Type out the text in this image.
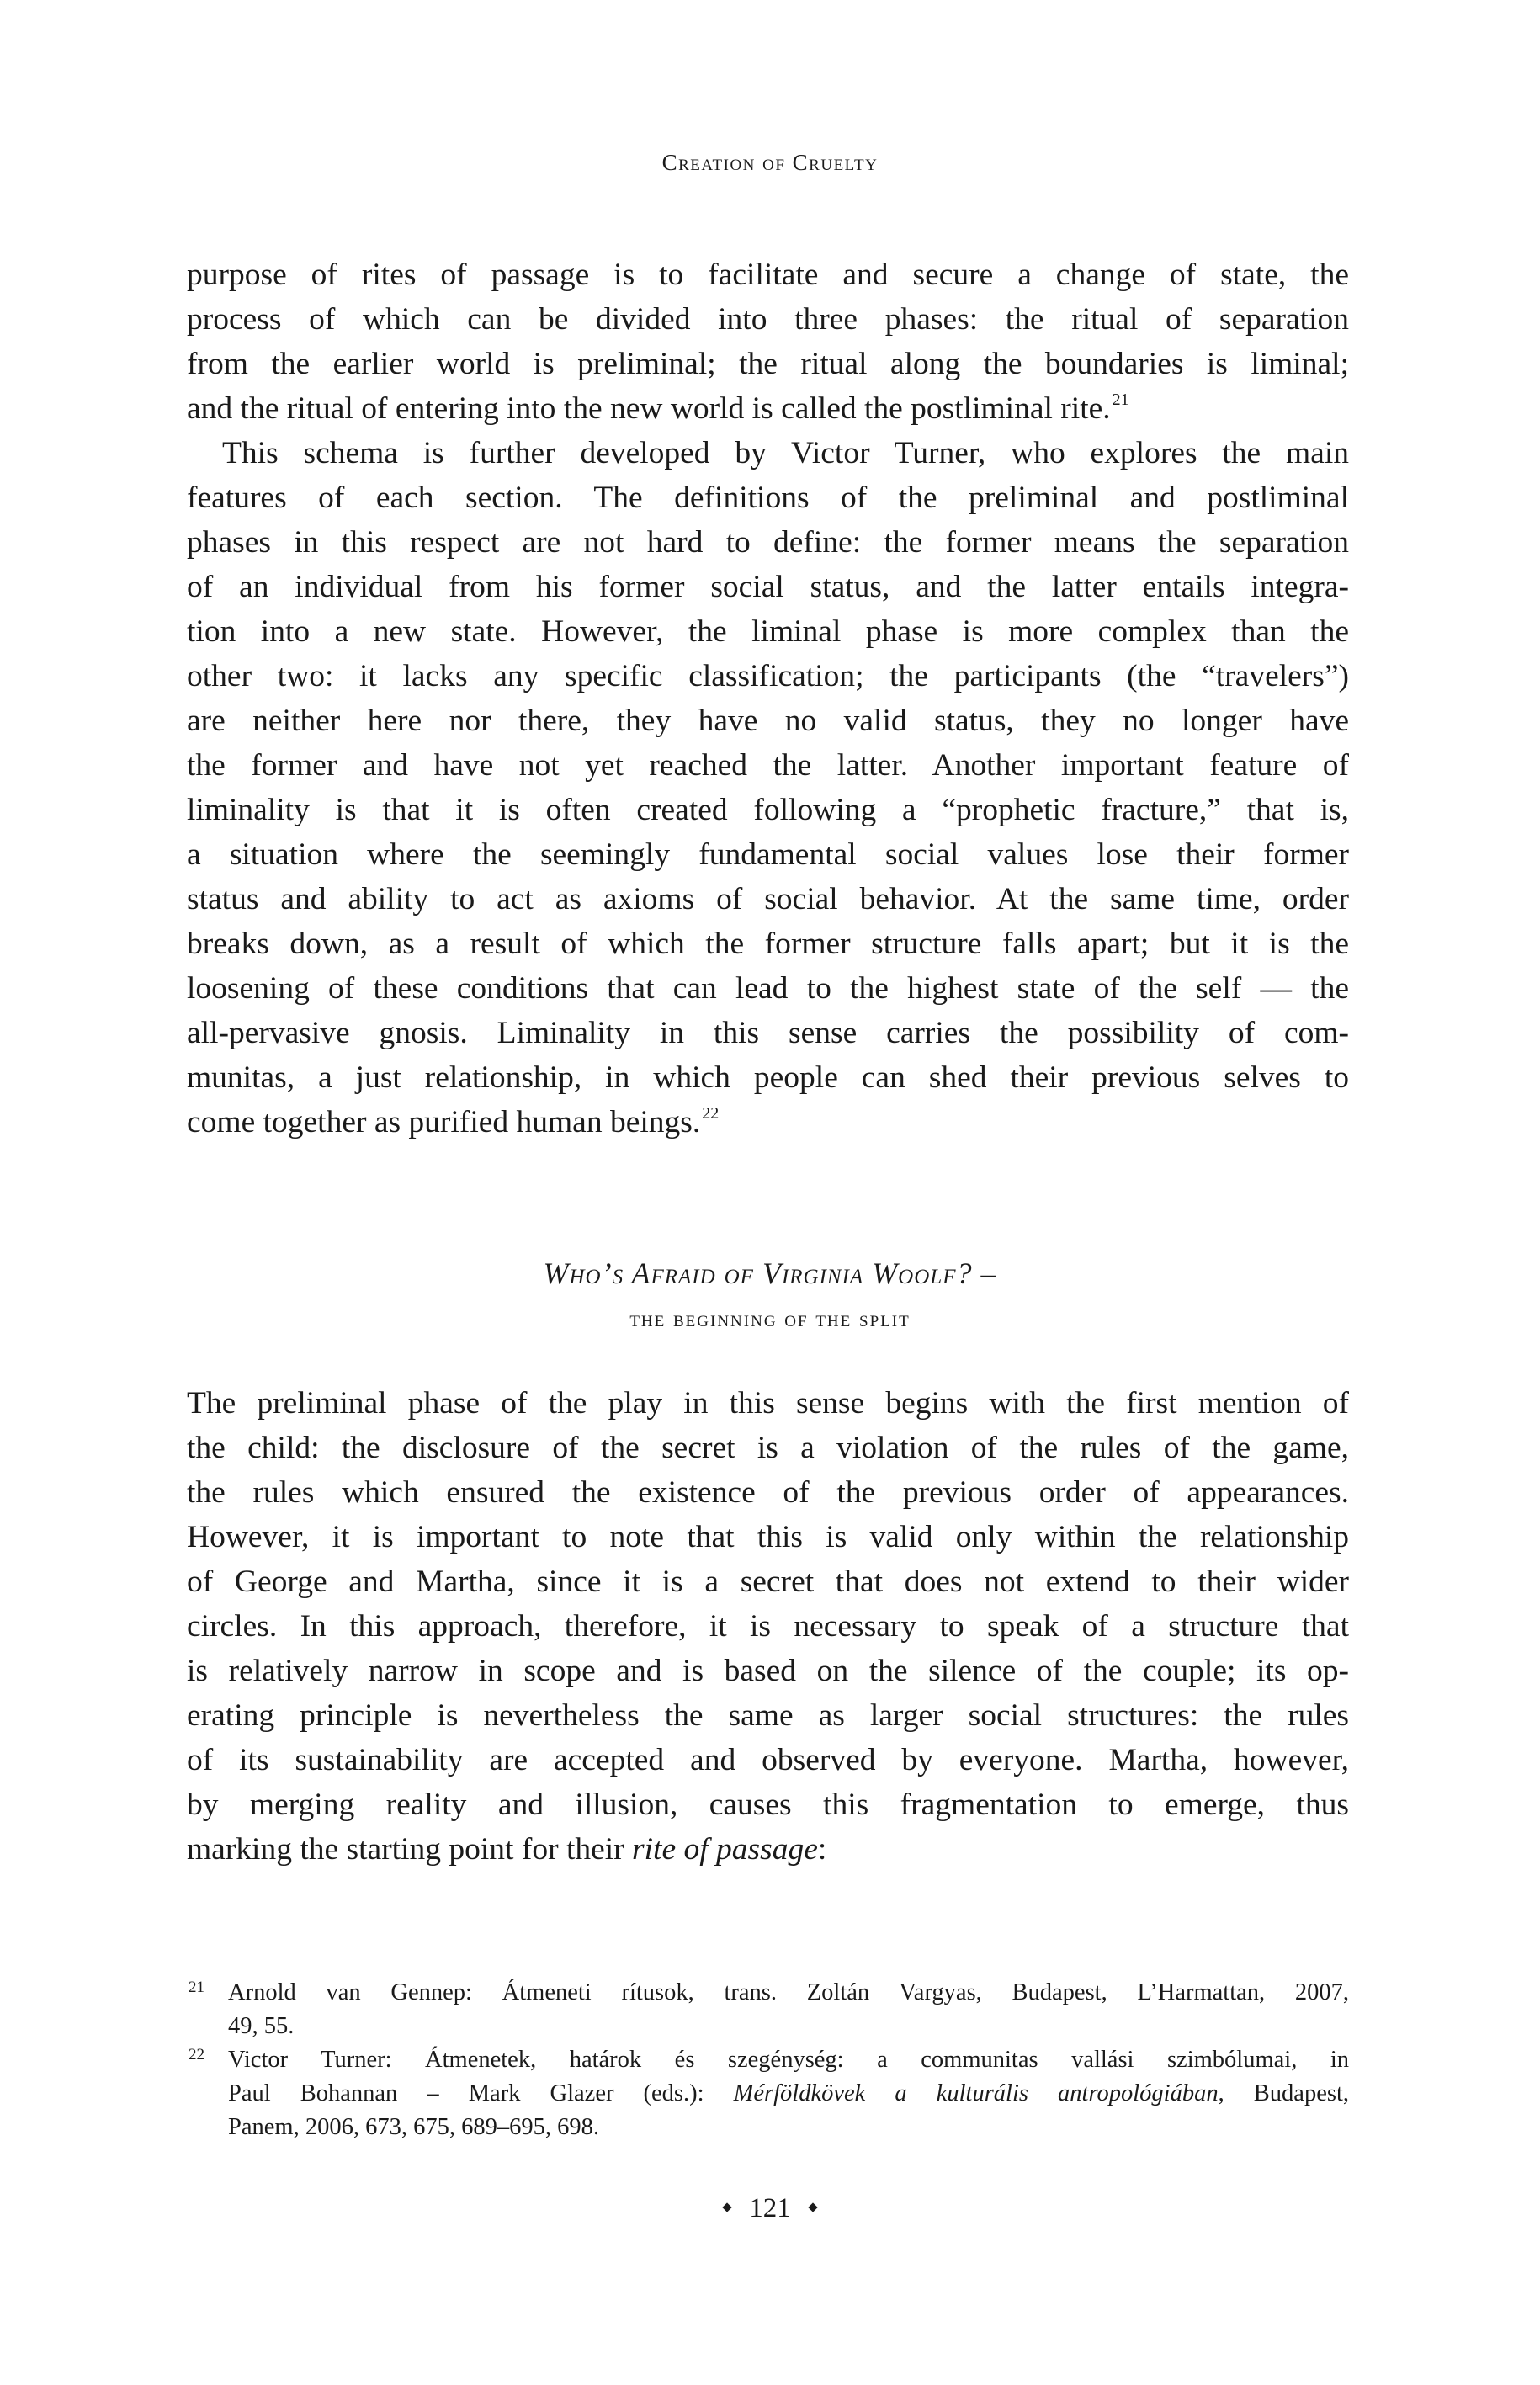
Creation of Cruelty
purpose of rites of passage is to facilitate and secure a change of state, the
process of which can be divided into three phases: the ritual of separation
from the earlier world is preliminal; the ritual along the boundaries is liminal;
and the ritual of entering into the new world is called the postliminal rite. $^{21}$
This schema is further developed by Victor Turner, who explores the main
features of each section. The definitions of the preliminal and postliminal
phases in this respect are not hard to define: the former means the separation
of an individual from his former social status, and the latter entails integra-
tion into a new state. However, the liminal phase is more complex than the
other two: it lacks any specific classification; the participants (the “travelers”)
are neither here nor there, they have no valid status, they no longer have
the former and have not yet reached the latter. Another important feature of
liminality is that it is often created following a “prophetic fracture,” that is,
a situation where the seemingly fundamental social values lose their former
status and ability to act as axioms of social behavior. At the same time, order
breaks down, as a result of which the former structure falls apart; but it is the
loosening of these conditions that can lead to the highest state of the self — the
all-pervasive gnosis. Liminality in this sense carries the possibility of com-
munitas, a just relationship, in which people can shed their previous selves to
come together as purified human beings. $^{22}$
Who’s Afraid of Virginia Woolf? –
the beginning of the split
The preliminal phase of the play in this sense begins with the first mention of
the child: the disclosure of the secret is a violation of the rules of the game,
the rules which ensured the existence of the previous order of appearances.
However, it is important to note that this is valid only within the relationship
of George and Martha, since it is a secret that does not extend to their wider
circles. In this approach, therefore, it is necessary to speak of a structure that
is relatively narrow in scope and is based on the silence of the couple; its op-
erating principle is nevertheless the same as larger social structures: the rules
of its sustainability are accepted and observed by everyone. Martha, however,
by merging reality and illusion, causes this fragmentation to emerge, thus
marking the starting point for their rite of passage:
21 Arnold van Gennep: Átmeneti rítusok, trans. Zoltán Vargyas, Budapest, L’Harmattan, 2007,
49, 55.
22 Victor Turner: Átmenetek, határok és szegénység: a communitas vallási szimbólumai, in
Paul Bohannan – Mark Glazer (eds.): Mérföldkövek a kulturális antropológiában, Budapest,
Panem, 2006, 673, 675, 689–695, 698.
121
